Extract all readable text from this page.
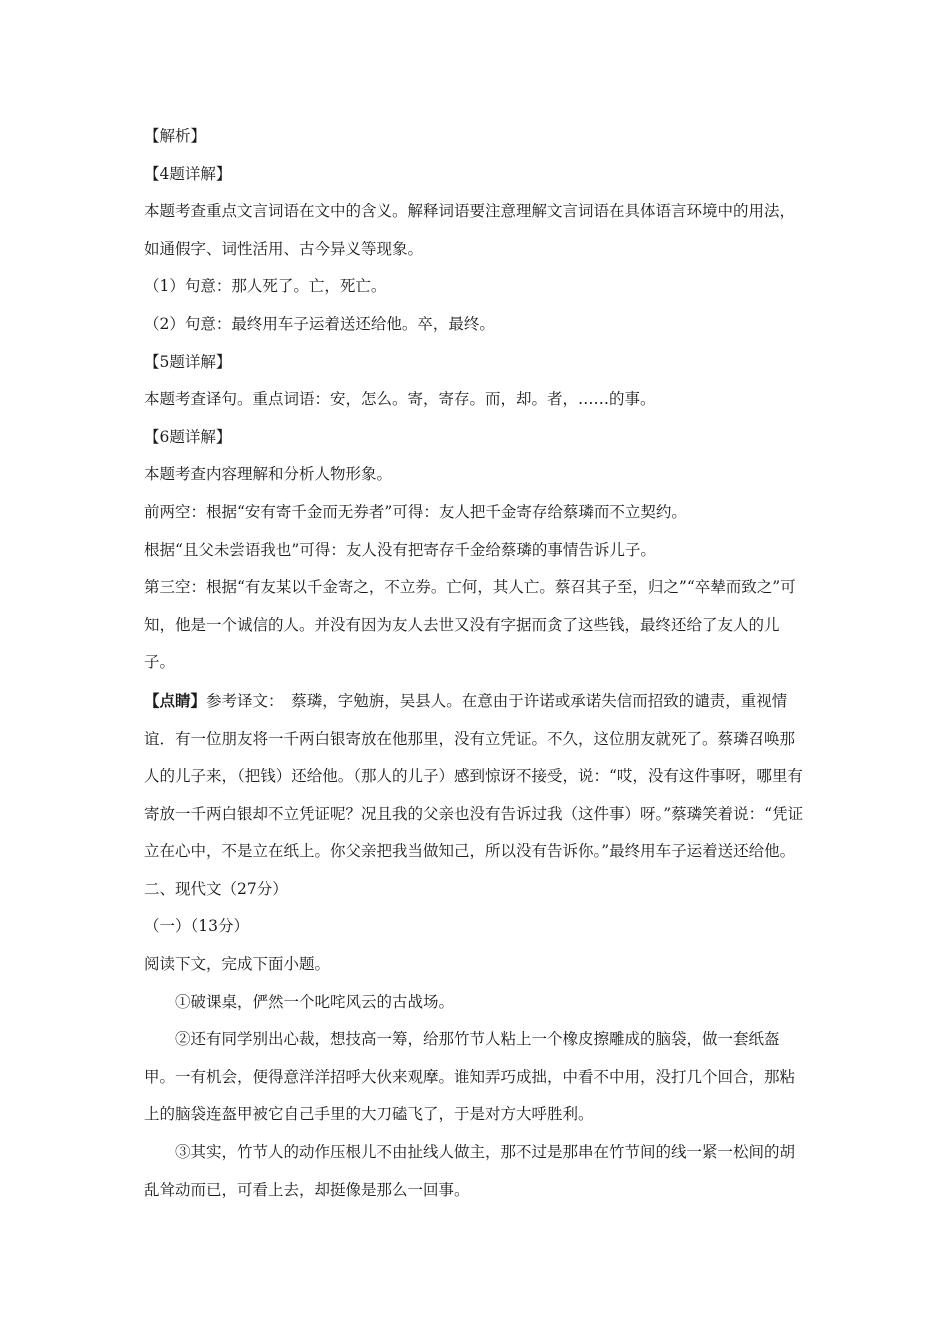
【解析】

【4题详解】

本题考查重点文言词语在文中的含义。解释词语要注意理解文言词语在具体语言环境中的用法，如通假字、词性活用、古今异义等现象。

（1）句意：那人死了。亡，死亡。

（2）句意：最终用车子运着送还给他。卒，最终。

【5题详解】

本题考查译句。重点词语：安，怎么。寄，寄存。而，却。者，……的事。

【6题详解】

本题考查内容理解和分析人物形象。

前两空：根据“安有寄千金而无券者”可得：友人把千金寄存给蔡璘而不立契约。

根据“且父未尝语我也”可得：友人没有把寄存千金给蔡璘的事情告诉儿子。

第三空：根据“有友某以千金寄之，不立券。亡何，其人亡。蔡召其子至，归之”“卒辇而致之”可知，他是一个诚信的人。并没有因为友人去世又没有字据而贪了这些钱，最终还给了友人的儿子。

【点睛】参考译文：　蔡璘，字勉旃，吴县人。在意由于许诺或承诺失信而招致的谴责，重视情谊．有一位朋友将一千两白银寄放在他那里，没有立凭证。不久，这位朋友就死了。蔡璘召唤那人的儿子来，（把钱）还给他。（那人的儿子）感到惊讶不接受，说：“哎，没有这件事呀，哪里有寄放一千两白银却不立凭证呢？况且我的父亲也没有告诉过我（这件事）呀。”蔡璘笑着说：“凭证立在心中，不是立在纸上。你父亲把我当做知己，所以没有告诉你。”最终用车子运着送还给他。

二、现代文（27分）

（一）（13分）

阅读下文，完成下面小题。

①破课桌，俨然一个叱咤风云的古战场。

②还有同学别出心裁，想技高一筹，给那竹节人粘上一个橡皮擦雕成的脑袋，做一套纸盔甲。一有机会，便得意洋洋招呼大伙来观摩。谁知弄巧成拙，中看不中用，没打几个回合，那粘上的脑袋连盔甲被它自己手里的大刀磕飞了，于是对方大呼胜利。

③其实，竹节人的动作压根儿不由扯线人做主，那不过是那串在竹节间的线一紧一松间的胡乱耸动而已，可看上去，却挺像是那么一回事。
